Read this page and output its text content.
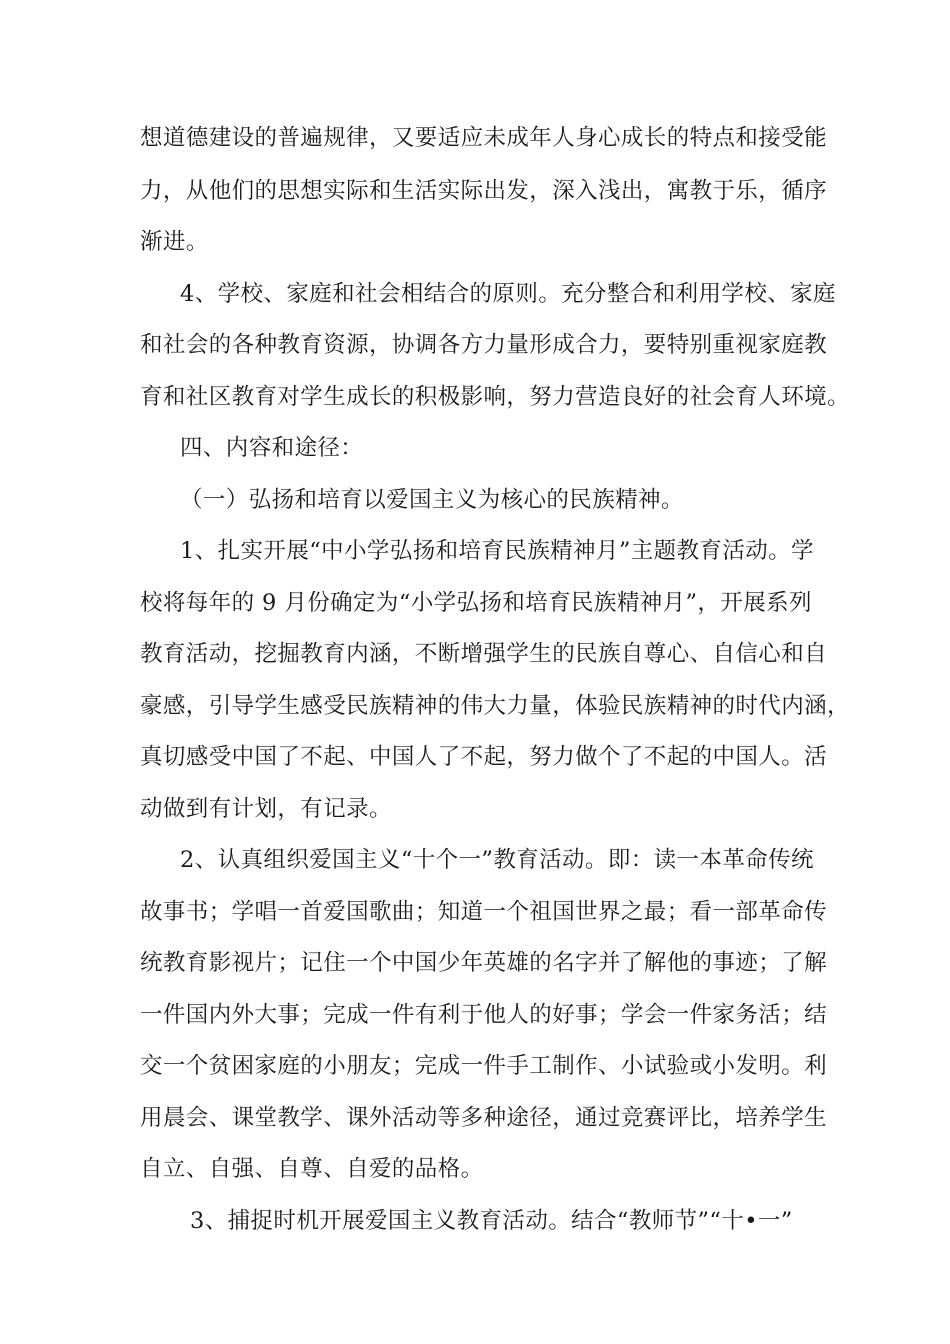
想道德建设的普遍规律，又要适应未成年人身心成长的特点和接受能
力，从他们的思想实际和生活实际出发，深入浅出，寓教于乐，循序
渐进。
4、学校、家庭和社会相结合的原则。充分整合和利用学校、家庭
和社会的各种教育资源，协调各方力量形成合力，要特别重视家庭教
育和社区教育对学生成长的积极影响，努力营造良好的社会育人环境。
四、内容和途径：
（一）弘扬和培育以爱国主义为核心的民族精神。
1、扎实开展“中小学弘扬和培育民族精神月”主题教育活动。学
校将每年的 9 月份确定为“小学弘扬和培育民族精神月”，开展系列
教育活动，挖掘教育内涵，不断增强学生的民族自尊心、自信心和自
豪感，引导学生感受民族精神的伟大力量，体验民族精神的时代内涵，
真切感受中国了不起、中国人了不起，努力做个了不起的中国人。活
动做到有计划，有记录。
2、认真组织爱国主义“十个一”教育活动。即：读一本革命传统
故事书；学唱一首爱国歌曲；知道一个祖国世界之最；看一部革命传
统教育影视片；记住一个中国少年英雄的名字并了解他的事迹；了解
一件国内外大事；完成一件有利于他人的好事；学会一件家务活；结
交一个贫困家庭的小朋友；完成一件手工制作、小试验或小发明。利
用晨会、课堂教学、课外活动等多种途径，通过竞赛评比，培养学生
自立、自强、自尊、自爱的品格。
3、捕捉时机开展爱国主义教育活动。结合“教师节”“十•一”
